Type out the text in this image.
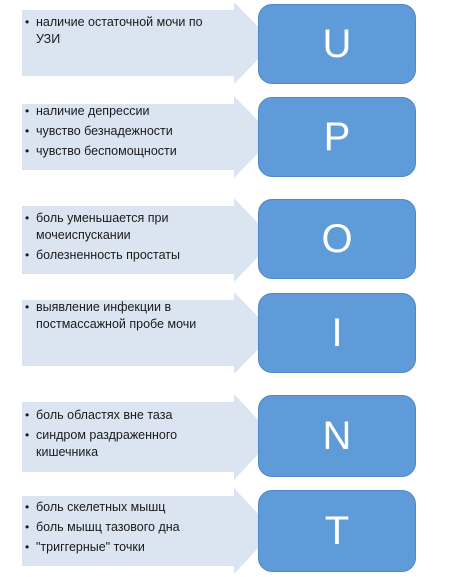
• наличие остаточной мочи по УЗИ	U
• наличие депрессии
• чувство безнадежности
• чувство беспомощности	P
• боль уменьшается при мочеиспускании
• болезненность простаты	O
• выявление инфекции в постмассажной пробе мочи	I
• боль областях вне таза
• синдром раздраженного кишечника	N
• боль скелетных мышц
• боль мышц тазового дна
• "триггерные" точки	T
